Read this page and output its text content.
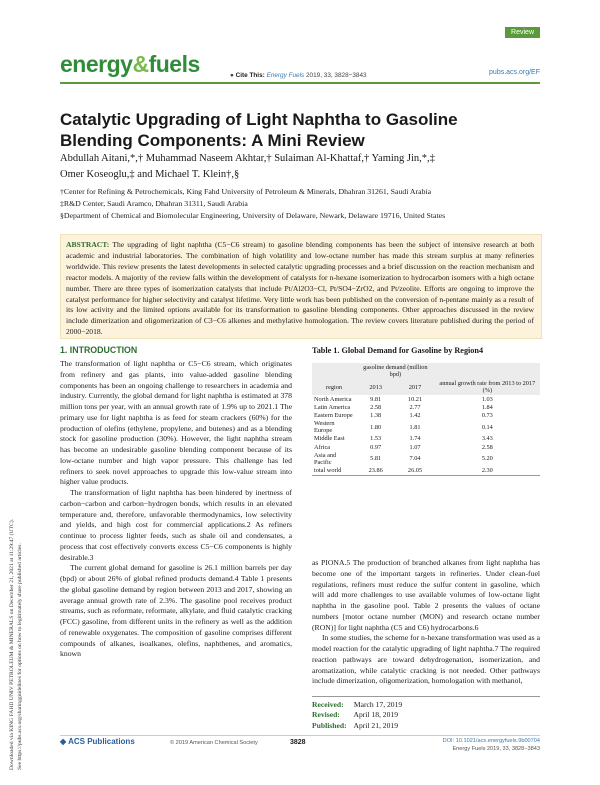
Downloaded via KING FAHD UNIV PETROLEUM & MINERALS on December 21, 2021 at 11:29:47 (UTC). See https://pubs.acs.org/sharingguidelines for options on how to legitimately share published articles.
Review
energy&fuels	● Cite This: Energy Fuels 2019, 33, 3828−3843	pubs.acs.org/EF
Catalytic Upgrading of Light Naphtha to Gasoline Blending Components: A Mini Review
Abdullah Aitani,*,† Muhammad Naseem Akhtar,† Sulaiman Al-Khattaf,† Yaming Jin,*,‡
Omer Koseoglu,‡ and Michael T. Klein†,§
†Center for Refining & Petrochemicals, King Fahd University of Petroleum & Minerals, Dhahran 31261, Saudi Arabia
‡R&D Center, Saudi Aramco, Dhahran 31311, Saudi Arabia
§Department of Chemical and Biomolecular Engineering, University of Delaware, Newark, Delaware 19716, United States
ABSTRACT: The upgrading of light naphtha (C5−C6 stream) to gasoline blending components has been the subject of intensive research at both academic and industrial laboratories. The combination of high volatility and low-octane number has made this stream surplus at many refineries worldwide. This review presents the latest developments in selected catalytic upgrading processes and a brief discussion on the reaction mechanism and reactor models. A majority of the review falls within the development of catalysts for n-hexane isomerization to hydrocarbon isomers with a high octane number. There are three types of isomerization catalysts that include Pt/Al2O3−Cl, Pt/SO4−ZrO2, and Pt/zeolite. Efforts are ongoing to improve the catalyst performance for higher selectivity and catalyst lifetime. Very little work has been published on the conversion of n-pentane mainly as a result of its low activity and the limited options available for its transformation to gasoline blending components. Other approaches discussed in the review include dimerization and oligomerization of C3−C6 alkenes and methylative homologation. The review covers literature published during the period of 2000−2018.
1. INTRODUCTION

The transformation of light naphtha or C5−C6 stream, which originates from refinery and gas plants, into value-added gasoline blending components has been an ongoing challenge to researchers in academia and industry. Currently, the global demand for light naphtha is estimated at 378 million tons per year, with an annual growth rate of 1.9% up to 2021.1 The primary use for light naphtha is as feed for steam crackers (60%) for the production of olefins (ethylene, propylene, and butenes) and as a blending stock for gasoline production (30%). However, the light naphtha stream has become an undesirable gasoline blending component because of its low-octane number and high vapor pressure. This challenge has led refiners to seek novel approaches to upgrade this low-value stream into higher value products.

The transformation of light naphtha has been hindered by inertness of carbon−carbon and carbon−hydrogen bonds, which results in an elevated temperature and, therefore, unfavorable thermodynamics, low selectivity and yields, and high cost for commercial applications.2 As refiners continue to process lighter feeds, such as shale oil and condensates, a process that cost effectively converts excess C5−C6 components is highly desirable.3

The current global demand for gasoline is 26.1 million barrels per day (bpd) or about 26% of global refined products demand.4 Table 1 presents the global gasoline demand by region between 2013 and 2017, showing an average annual growth rate of 2.3%. The gasoline pool receives product streams, such as reformate, reformate, alkylate, and fluid catalytic cracking (FCC) gasoline, from different units in the refinery as well as the addition of renewable oxygenates. The composition of gasoline comprises different compounds of alkanes, isoalkanes, olefins, naphthenes, and aromatics, known

Table 1. Global Demand for Gasoline by Region4
	gasoline demand (million bpd)		
region	2013	2017	annual growth rate from 2013 to 2017 (%)
North America	9.81	10.21	1.03
Latin America	2.58	2.77	1.84
Eastern Europe	1.38	1.42	0.73
Western Europe	1.80	1.81	0.14
Middle East	1.53	1.74	3.43
Africa	0.97	1.07	2.58
Asia and Pacific	5.81	7.04	5.20
total world	23.86	26.05	2.30

as PIONA.5 The production of branched alkanes from light naphtha has become one of the important targets in refineries. Under clean-fuel regulations, refiners must reduce the sulfur content in gasoline, which will add more challenges to use available volumes of low-octane light naphtha in the gasoline pool. Table 2 presents the values of octane numbers [motor octane number (MON) and research octane number (RON)] for light naphtha (C5 and C6) hydrocarbons.6

In some studies, the scheme for n-hexane transformation was used as a model reaction for the catalytic upgrading of light naphtha.7 The required reaction pathways are toward dehydrogenation, isomerization, and aromatization, while catalytic cracking is not needed. Other pathways include dimerization, oligomerization, homologation with methanol,

Received: March 17, 2019
Revised: April 18, 2019
Published: April 21, 2019
◆ ACS Publications	© 2019 American Chemical Society	3828	DOI: 10.1021/acs.energyfuels.9b00704
Energy Fuels 2019, 33, 3828−3843
